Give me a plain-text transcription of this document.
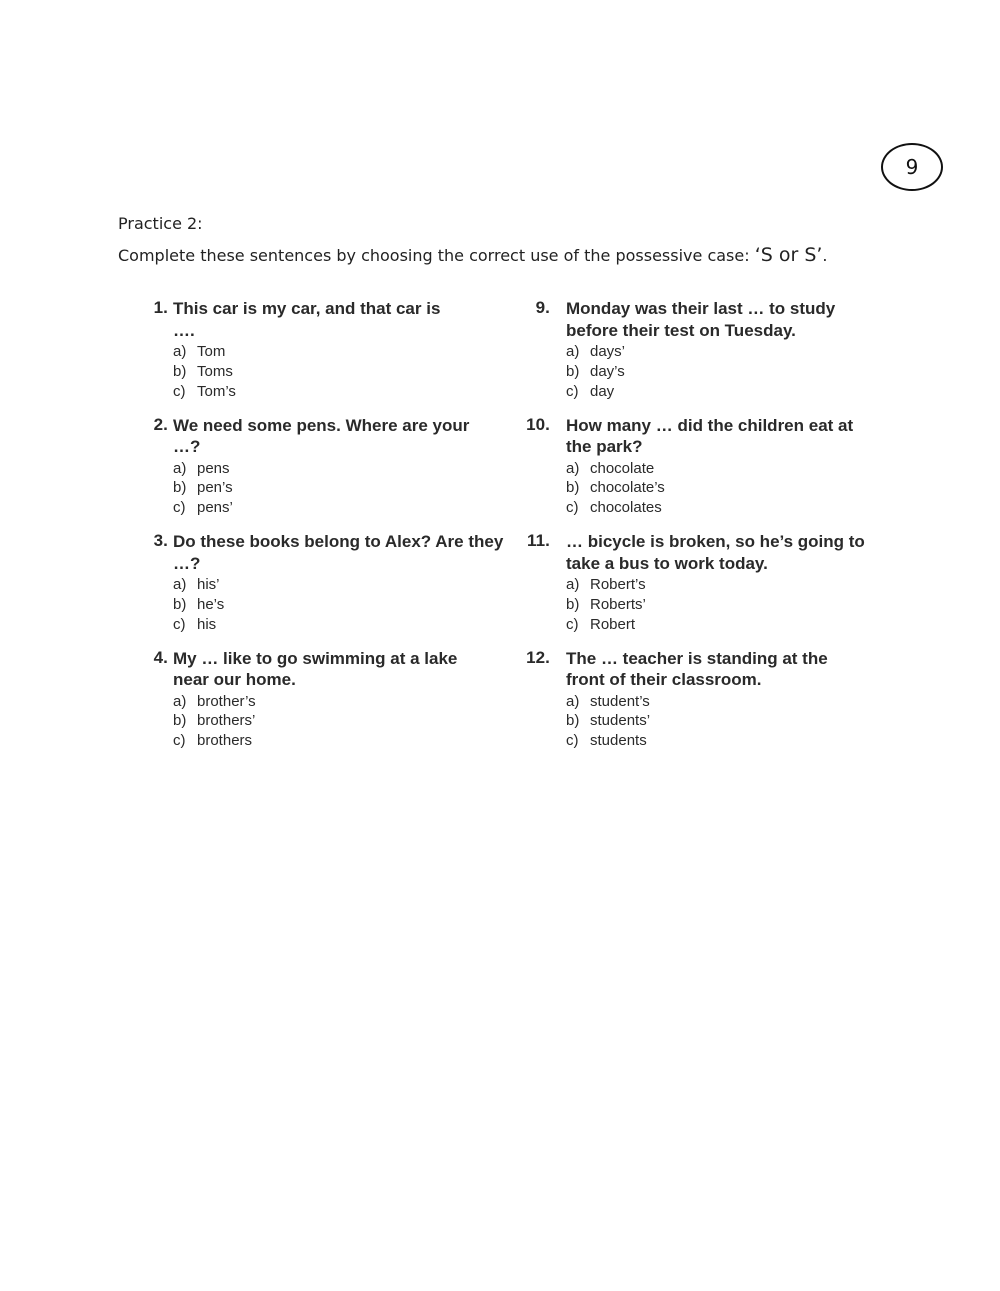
9
Practice 2:
Complete these sentences by choosing the correct use of the possessive case: ‘S or S’.
1. This car is my car, and that car is ….

a) Tom
b) Toms
c) Tom’s
2. We need some pens. Where are your …?

a) pens
b) pen’s
c) pens’
3. Do these books belong to Alex? Are they …?

a) his’
b) he’s
c) his
4. My … like to go swimming at a lake near our home.

a) brother’s
b) brothers’
c) brothers
9. Monday was their last … to study before their test on Tuesday.

a) days’
b) day’s
c) day
10. How many … did the children eat at the park?

a) chocolate
b) chocolate’s
c) chocolates
11. … bicycle is broken, so he’s going to take a bus to work today.

a) Robert’s
b) Roberts’
c) Robert
12. The … teacher is standing at the front of their classroom.

a) student’s
b) students’
c) students
